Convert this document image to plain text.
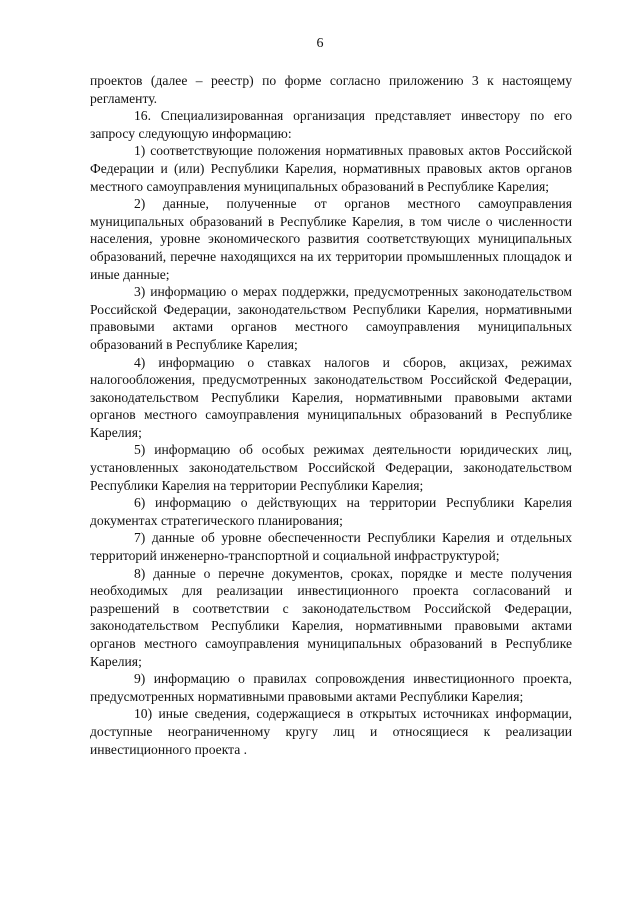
6

проектов (далее – реестр) по форме согласно приложению 3 к настоящему регламенту.

16. Специализированная организация представляет инвестору по его запросу следующую информацию:

1) соответствующие положения нормативных правовых актов Российской Федерации и (или) Республики Карелия, нормативных правовых актов органов местного самоуправления муниципальных образований в Республике Карелия;

2) данные, полученные от органов местного самоуправления муниципальных образований в Республике Карелия, в том числе о численности населения, уровне экономического развития соответствующих муниципальных образований, перечне находящихся на их территории промышленных площадок и иные данные;

3) информацию о мерах поддержки, предусмотренных законодательством Российской Федерации, законодательством Республики Карелия, нормативными правовыми актами органов местного самоуправления муниципальных образований в Республике Карелия;

4) информацию о ставках налогов и сборов, акцизах, режимах налогообложения, предусмотренных законодательством Российской Федерации, законодательством Республики Карелия, нормативными правовыми актами органов местного самоуправления муниципальных образований в Республике Карелия;

5) информацию об особых режимах деятельности юридических лиц, установленных законодательством Российской Федерации, законодательством Республики Карелия на территории Республики Карелия;

6) информацию о действующих на территории Республики Карелия документах стратегического планирования;

7) данные об уровне обеспеченности Республики Карелия и отдельных территорий инженерно-транспортной и социальной инфраструктурой;

8) данные о перечне документов, сроках, порядке и месте получения необходимых для реализации инвестиционного проекта согласований и разрешений в соответствии с законодательством Российской Федерации, законодательством Республики Карелия, нормативными правовыми актами органов местного самоуправления муниципальных образований в Республике Карелия;

9) информацию о правилах сопровождения инвестиционного проекта, предусмотренных нормативными правовыми актами Республики Карелия;

10) иные сведения, содержащиеся в открытых источниках информации, доступные неограниченному кругу лиц и относящиеся к реализации инвестиционного проекта .
